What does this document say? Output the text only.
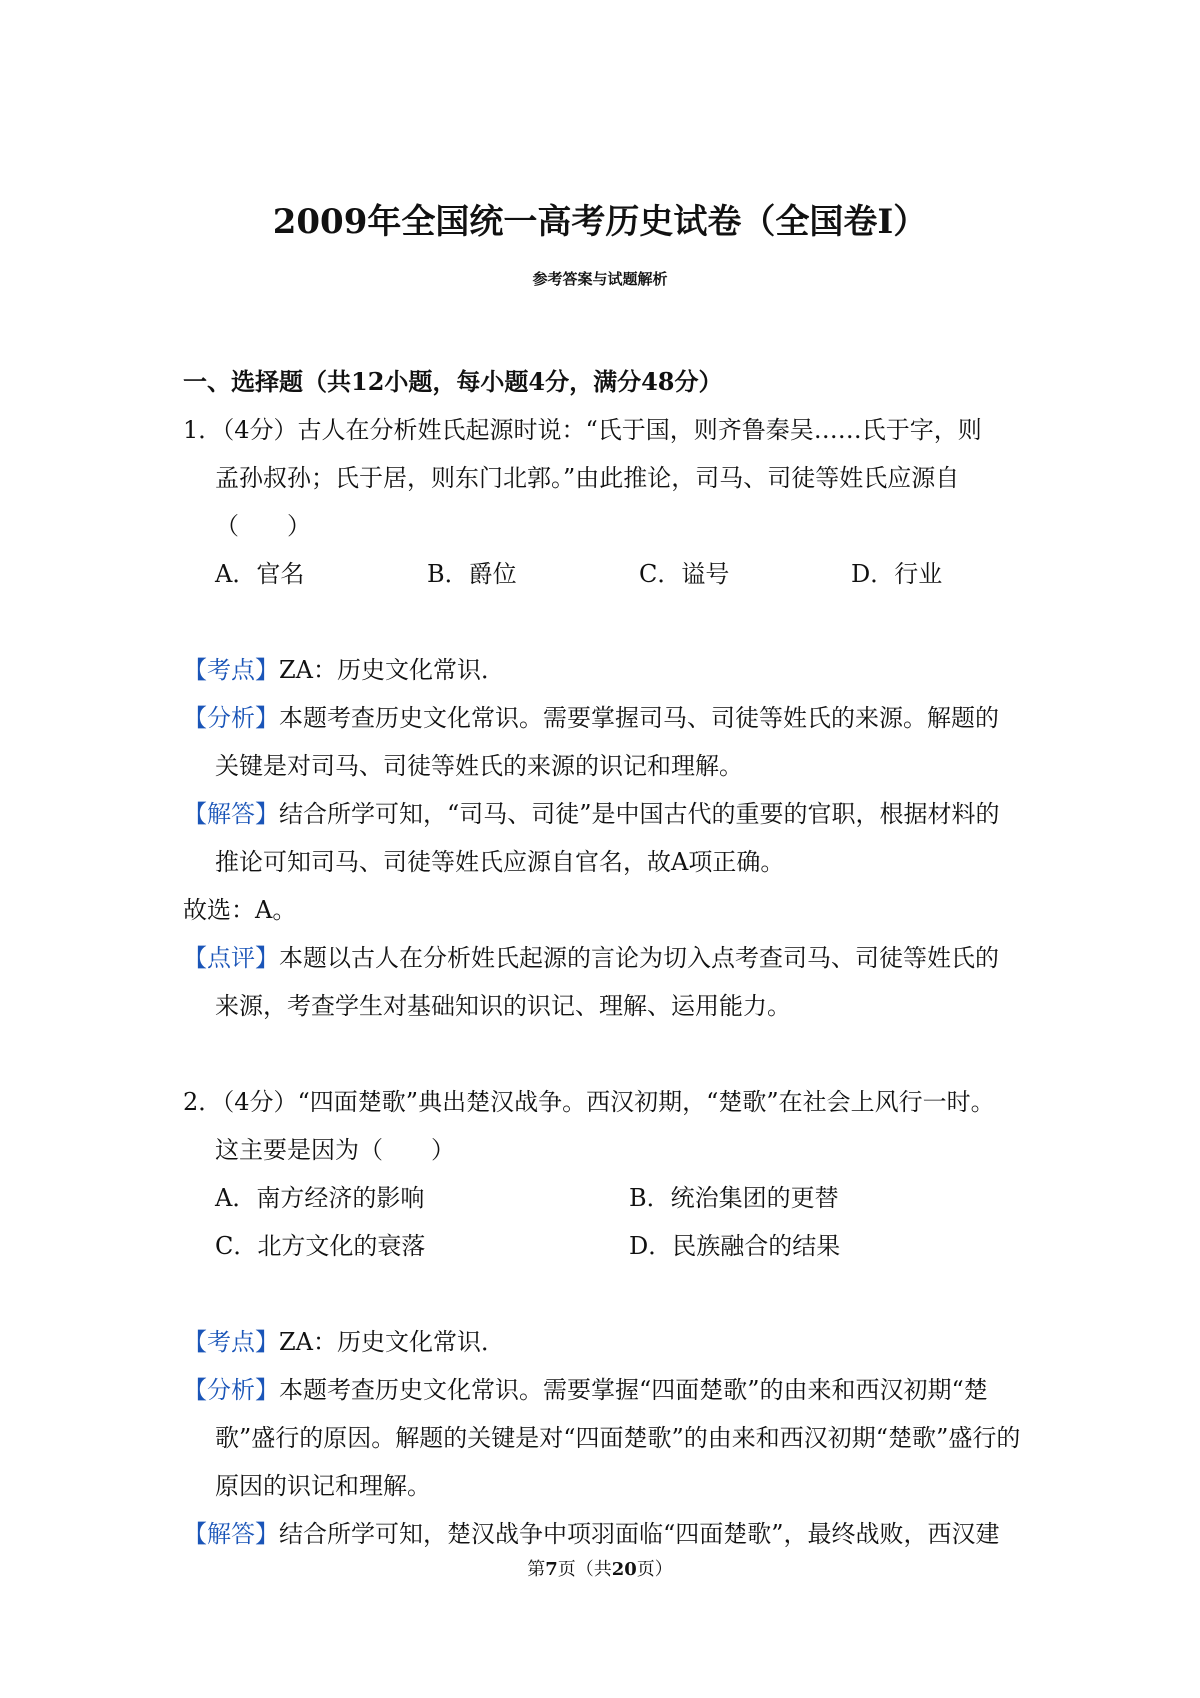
2009年全国统一高考历史试卷（全国卷I）
参考答案与试题解析
一、选择题（共12小题，每小题4分，满分48分）
1．（4分）古人在分析姓氏起源时说：“氏于国，则齐鲁秦吴……氏于字，则
孟孙叔孙；氏于居，则东门北郭。”由此推论，司马、司徒等姓氏应源自
（　　）
A．官名	B．爵位	C．谥号	D．行业
【考点】ZA：历史文化常识．
【分析】本题考查历史文化常识。需要掌握司马、司徒等姓氏的来源。解题的
关键是对司马、司徒等姓氏的来源的识记和理解。
【解答】结合所学可知，“司马、司徒”是中国古代的重要的官职，根据材料的
推论可知司马、司徒等姓氏应源自官名，故A项正确。
故选：A。
【点评】本题以古人在分析姓氏起源的言论为切入点考查司马、司徒等姓氏的
来源，考查学生对基础知识的识记、理解、运用能力。
2．（4分）“四面楚歌”典出楚汉战争。西汉初期，“楚歌”在社会上风行一时。
这主要是因为（　　）
A．南方经济的影响	B．统治集团的更替
C．北方文化的衰落	D．民族融合的结果
【考点】ZA：历史文化常识．
【分析】本题考查历史文化常识。需要掌握“四面楚歌”的由来和西汉初期“楚
歌”盛行的原因。解题的关键是对“四面楚歌”的由来和西汉初期“楚歌”盛行的
原因的识记和理解。
【解答】结合所学可知，楚汉战争中项羽面临“四面楚歌”，最终战败，西汉建
第7页（共20页）
